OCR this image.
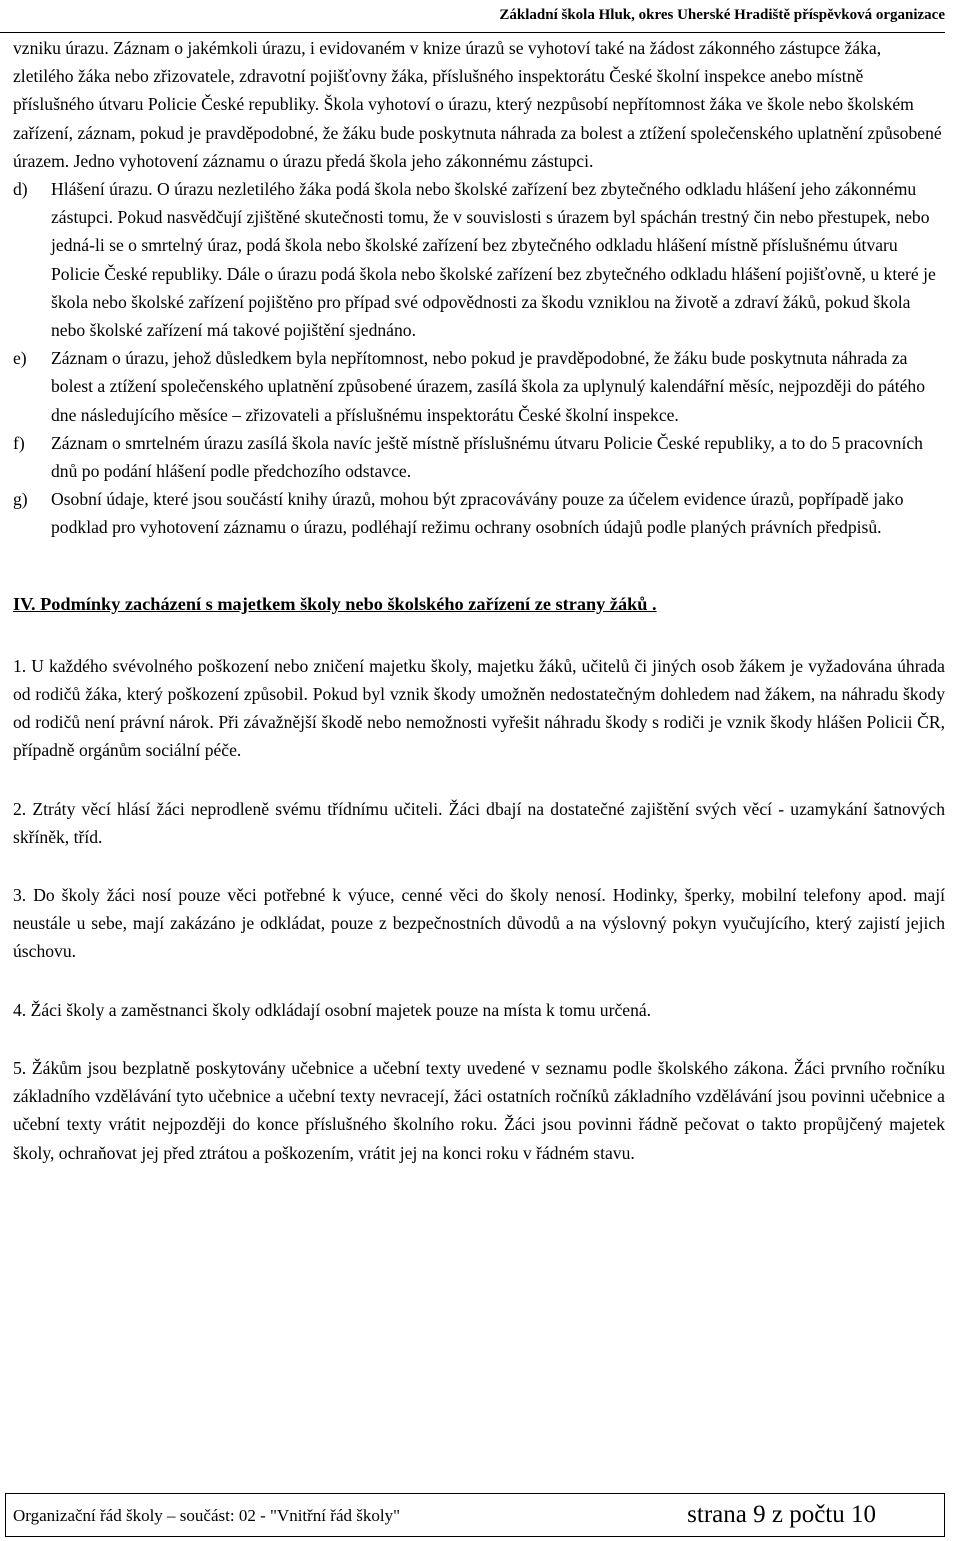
Základní škola Hluk, okres Uherské Hradiště příspěvková organizace

vzniku úrazu. Záznam o jakémkoli úrazu, i evidovaném v knize úrazů se vyhotoví také na žádost zákonného zástupce žáka, zletilého žáka nebo zřizovatele, zdravotní pojišťovny žáka, příslušného inspektorátu České školní inspekce anebo místně příslušného útvaru Policie České republiky. Škola vyhotoví o úrazu, který nezpůsobí nepřítomnost žáka ve škole nebo školském zařízení, záznam, pokud je pravděpodobné, že žáku bude poskytnuta náhrada za bolest a ztížení společenského uplatnění způsobené úrazem. Jedno vyhotovení záznamu o úrazu předá škola jeho zákonnému zástupci.

d) Hlášení úrazu. O úrazu nezletilého žáka podá škola nebo školské zařízení bez zbytečného odkladu hlášení jeho zákonnému zástupci. Pokud nasvědčují zjištěné skutečnosti tomu, že v souvislosti s úrazem byl spáchán trestný čin nebo přestupek, nebo jedná-li se o smrtelný úraz, podá škola nebo školské zařízení bez zbytečného odkladu hlášení místně příslušnému útvaru Policie České republiky. Dále o úrazu podá škola nebo školské zařízení bez zbytečného odkladu hlášení pojišťovně, u které je škola nebo školské zařízení pojištěno pro případ své odpovědnosti za škodu vzniklou na životě a zdraví žáků, pokud škola nebo školské zařízení má takové pojištění sjednáno.

e) Záznam o úrazu, jehož důsledkem byla nepřítomnost, nebo pokud je pravděpodobné, že žáku bude poskytnuta náhrada za bolest a ztížení společenského uplatnění způsobené úrazem, zasílá škola za uplynulý kalendářní měsíc, nejpozději do pátého dne následujícího měsíce – zřizovateli a příslušnému inspektorátu České školní inspekce.

f) Záznam o smrtelném úrazu zasílá škola navíc ještě místně příslušnému útvaru Policie České republiky, a to do 5 pracovních dnů po podání hlášení podle předchozího odstavce.

g) Osobní údaje, které jsou součástí knihy úrazů, mohou být zpracovávány pouze za účelem evidence úrazů, popřípadě jako podklad pro vyhotovení záznamu o úrazu, podléhají režimu ochrany osobních údajů podle planých právních předpisů.

IV. Podmínky zacházení s majetkem školy nebo školského zařízení ze strany žáků .

1. U každého svévolného poškození nebo zničení majetku školy, majetku žáků, učitelů či jiných osob žákem je vyžadována úhrada od rodičů žáka, který poškození způsobil. Pokud byl vznik škody umožněn nedostatečným dohledem nad žákem, na náhradu škody od rodičů není právní nárok. Při závažnější škodě nebo nemožnosti vyřešit náhradu škody s rodiči je vznik škody hlášen Policii ČR, případně orgánům sociální péče.

2. Ztráty věcí hlásí žáci neprodleně svému třídnímu učiteli. Žáci dbají na dostatečné zajištění svých věcí - uzamykání šatnových skříněk, tříd.

3. Do školy žáci nosí pouze věci potřebné k výuce, cenné věci do školy nenosí. Hodinky, šperky, mobilní telefony apod. mají neustále u sebe, mají zakázáno je odkládat, pouze z bezpečnostních důvodů a na výslovný pokyn vyučujícího, který zajistí jejich úschovu.

4. Žáci školy a zaměstnanci školy odkládají osobní majetek pouze na místa k tomu určená.

5. Žákům jsou bezplatně poskytovány učebnice a učební texty uvedené v seznamu podle školského zákona. Žáci prvního ročníku základního vzdělávání tyto učebnice a učební texty nevracejí, žáci ostatních ročníků základního vzdělávání jsou povinni učebnice a učební texty vrátit nejpozději do konce příslušného školního roku. Žáci jsou povinni řádně pečovat o takto propůjčený majetek školy, ochraňovat jej před ztrátou a poškozením, vrátit jej na konci roku v řádném stavu.

Organizační řád školy – součást: 02 - "Vnitřní řád školy"	strana 9 z počtu 10
